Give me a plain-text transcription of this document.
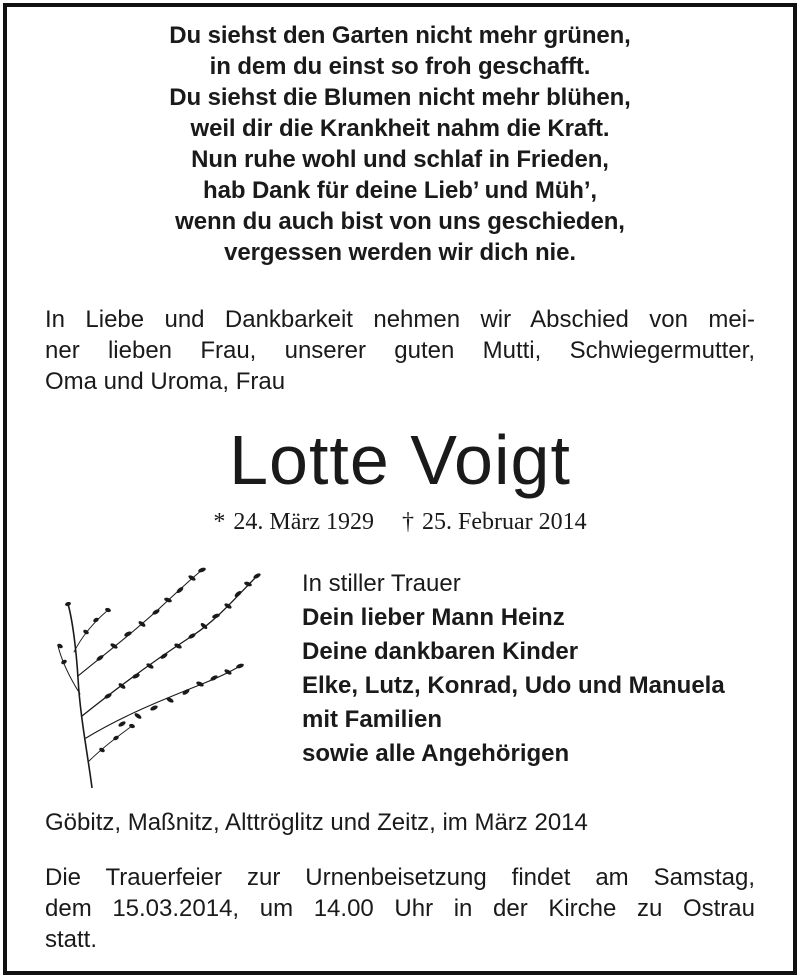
Du siehst den Garten nicht mehr grünen,
in dem du einst so froh geschafft.
Du siehst die Blumen nicht mehr blühen,
weil dir die Krankheit nahm die Kraft.
Nun ruhe wohl und schlaf in Frieden,
hab Dank für deine Lieb’ und Müh’,
wenn du auch bist von uns geschieden,
vergessen werden wir dich nie.
In Liebe und Dankbarkeit nehmen wir Abschied von mei-
ner lieben Frau, unserer guten Mutti, Schwiegermutter,
Oma und Uroma, Frau
Lotte Voigt
* 24. März 1929 † 25. Februar 2014
In stiller Trauer
Dein lieber Mann Heinz
Deine dankbaren Kinder
Elke, Lutz, Konrad, Udo und Manuela
mit Familien
sowie alle Angehörigen
Göbitz, Maßnitz, Alttröglitz und Zeitz, im März 2014
Die Trauerfeier zur Urnenbeisetzung findet am Samstag,
dem 15.03.2014, um 14.00 Uhr in der Kirche zu Ostrau
statt.
